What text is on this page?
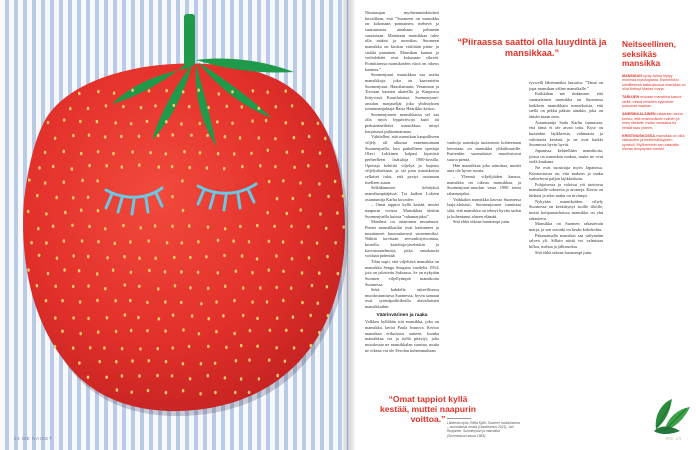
24 ME NAISET

Nimiasujan myöhemminkäsitteä kuvaillaan, että ”Suomeen on mansikka on kokonaan pannainen; mehevä ja suutsumasta ainakaan pehmeän suorastaan. Mainitaan mansikkaa tulee olla makea ja aromikas. Suomeen mansikka on kookas väriltään pinta- ja sisältä punainen. Mansikan kannat ja verholehdet ovat kokonaan vihreät. Poimittaessa mansikoiden väriä on oikeus kaamea.”

Suomenjuuri mansikkaa saa useita mansikkoja, joka on kaavastettu Suomenjuuri, Haurilammin, Vesanmon ja Torvaan kantien akateilla ja Kaupossa liittyvissä Kaurilaisissa. Suomenjuuri-aruulan marjaseljät joka yhdistyksen toiminnanjohtaja Raisa Haarikko kertoo.

Suomenjuuren mansikkassa sel saa olla myös leppäviivoja kuin tai pieksinäneiltävä mansikkaa, minyt harjaisesta puhtaamainaan.

Vähitellen, että mansikan kaupalliseen viljely oli alkunut ennenmuinaan Suomenjuella, kun paikallinen opettaja Olavi Lokkinen kalpasi kiperäsit perheelleen lisätuloja 1900-luvulla. Opettaja kehittäi viljelyä ja laajensi viljelyalueitaan, ja sai pian mansikoista sellaiset tulot, että pystyi ostamaan itselleen auton.

Selkäkinnoset kehityksä mansikanpitäjässä. Tai kaiken Lokeen asiantuntija Karhu kuvailee:

– Omat tappiot kyllä kestää, muttei naapurin voittoa. Mansikkaa alettiin Suomenjuella kutsua ”rahamarjaksi”.

Maailma on ottaminen muuttunut. Pienet mansikkatilat ovat kadonneet ja muuttuneet huomattavasti suuremmiksi. Nähtin turvitaan seesonkityövoimaa, kostella, kasteluja-jeselenkin ja kasvutunnelmista, jotka sanokaosia voidaan pidentää.

Tilan sopii, että viljeltävä mansikka on mansikka Senga Sengana vuodelta 1954, jota on jalostettu Saksassa. Se on nykyään Suomen viljellyimpiä mansikoita Suomessa.

Sekä kahdella taiteellisessa muodostumisesa Suomessa, hyvin samaan ovat syömäpoliitikoilla alavaltaisten mansikkaihin.

Väärinvärinen ja raaka

Valkkea kyllähän siiä mansikka, joka on mansikka, kertoi Paula Ivanova. Kertoo mansikan erikoisuus aatteen, kuinka mansikkaa voi ja tiellä pitäytyi, joka muodostaa ne mansikkalan suurina, mutta ne oikeaa vai ole Eerolan kohemmaltaan.

“Piiraassa saattoi olla luuydintä ja mansikkaa.”

vanhoja aurinkoja tuotantoon kohteenaan kerrotaan on mansikka ylikulttuurille. Kuitenkin suomalaiset muodostuvat suuria pieniä.

Hän mansikkaa joka toimittaa, muttei aina ole hyvin suuria.

– Yleensä viljelijöiden kanssa, mansikka on oikeaa mansikkaa, ja Suomenjuuri-aruulan vasta 1990 toimi rahamarjaksi.

Vaikkakin mansikka kasvaa Suomessa laaja-alaisesti, Suomenjuuren tunnistaa siitä, että mansikka on tehnyt hyvän sadon ja kohentanut alueen elämää.

Sitä ehkä oikeaa huonompi juttu.

tyywelli lähemmäksi lausuttu: ”Tämä on jopa mansikan väline mansikalle.”

Kaikkihan me tiedämme, että suomalainen mansikka on Suomessa kaikkein mansikkain mansikoista, että siellä on pikku pääsin ainakin, joka on tämän maan oma.

Asiantuntija Sadu Karhu tunnustaa, että tämä ei ole aivan totta. Kyse on kuitenkin lajikkeesta, valinnasta ja valoisasta kesästä, ja ne ovat kaikki Suomessa hyvin hyvät.

Japanissa kehitellään mansikoita, joissa on mansikan makua, mutta ne ovat vielä kaukana.

Ne ovat suosittuja myös Japanissa. Kiinnostavaa on, että makeus ja maku vaihtelevat paljon lajikkeittain.

Pohjoisessa ja valoisat yöt tuottavat mansikalle sokereita ja aromeja. Kasvu on hidasta ja siksi maku on tiiviimpi.

Nykyään mansikoiden viljely Suomessa on keskittynyt isoille tiloille, mutta kotipuutarhoissa mansikka on yhä rakastettu.

Mansikka on Suomen rakastetuin marja, ja sen sesonki on kesän kohokohta.

Pakastamalla mansikat saa säilymään talven yli. Silloin niistä voi valmistaa hilloa, mehua ja jälkiruokia.

Sitä ehkä oikeaa huonompi juttu.

“Omat tappiot kyllä kestää, muttei naapurin voittoa.” Lähteinä myös: Riitta Kyllö: Suomen ruokahistoria – suomalaisia ruokia (Gaudeamus 2021), Jari Ruppinen: Suomenjuuri ja mansikka (Suomenjuuri-seura 1983).
Neitseellinen, seksikäs mansikka

MANSIKAN synty-tarina löytyy monesta mytologiasta. Esimerkiksi kristillisessä taikauskossa mansikka on ollut Neitsyt Marian marja.

TARUJEN mukaan mansikka kasvoi siellä, missä enkelien kyyneleet putosivat maahan.

AMERIKKALAINEN intiaanien tarina kertoo, että ensimmäinen nainen ja mies riitelivät, mutta mansikka toi heidät taas yhteen.

KRISTINUSKOSSA mansikka on ollut rakkauden ja hedelmällisyyden symboli. Myöhemmin sen katsottiin olevan lempeyden merkki.

ME 25
